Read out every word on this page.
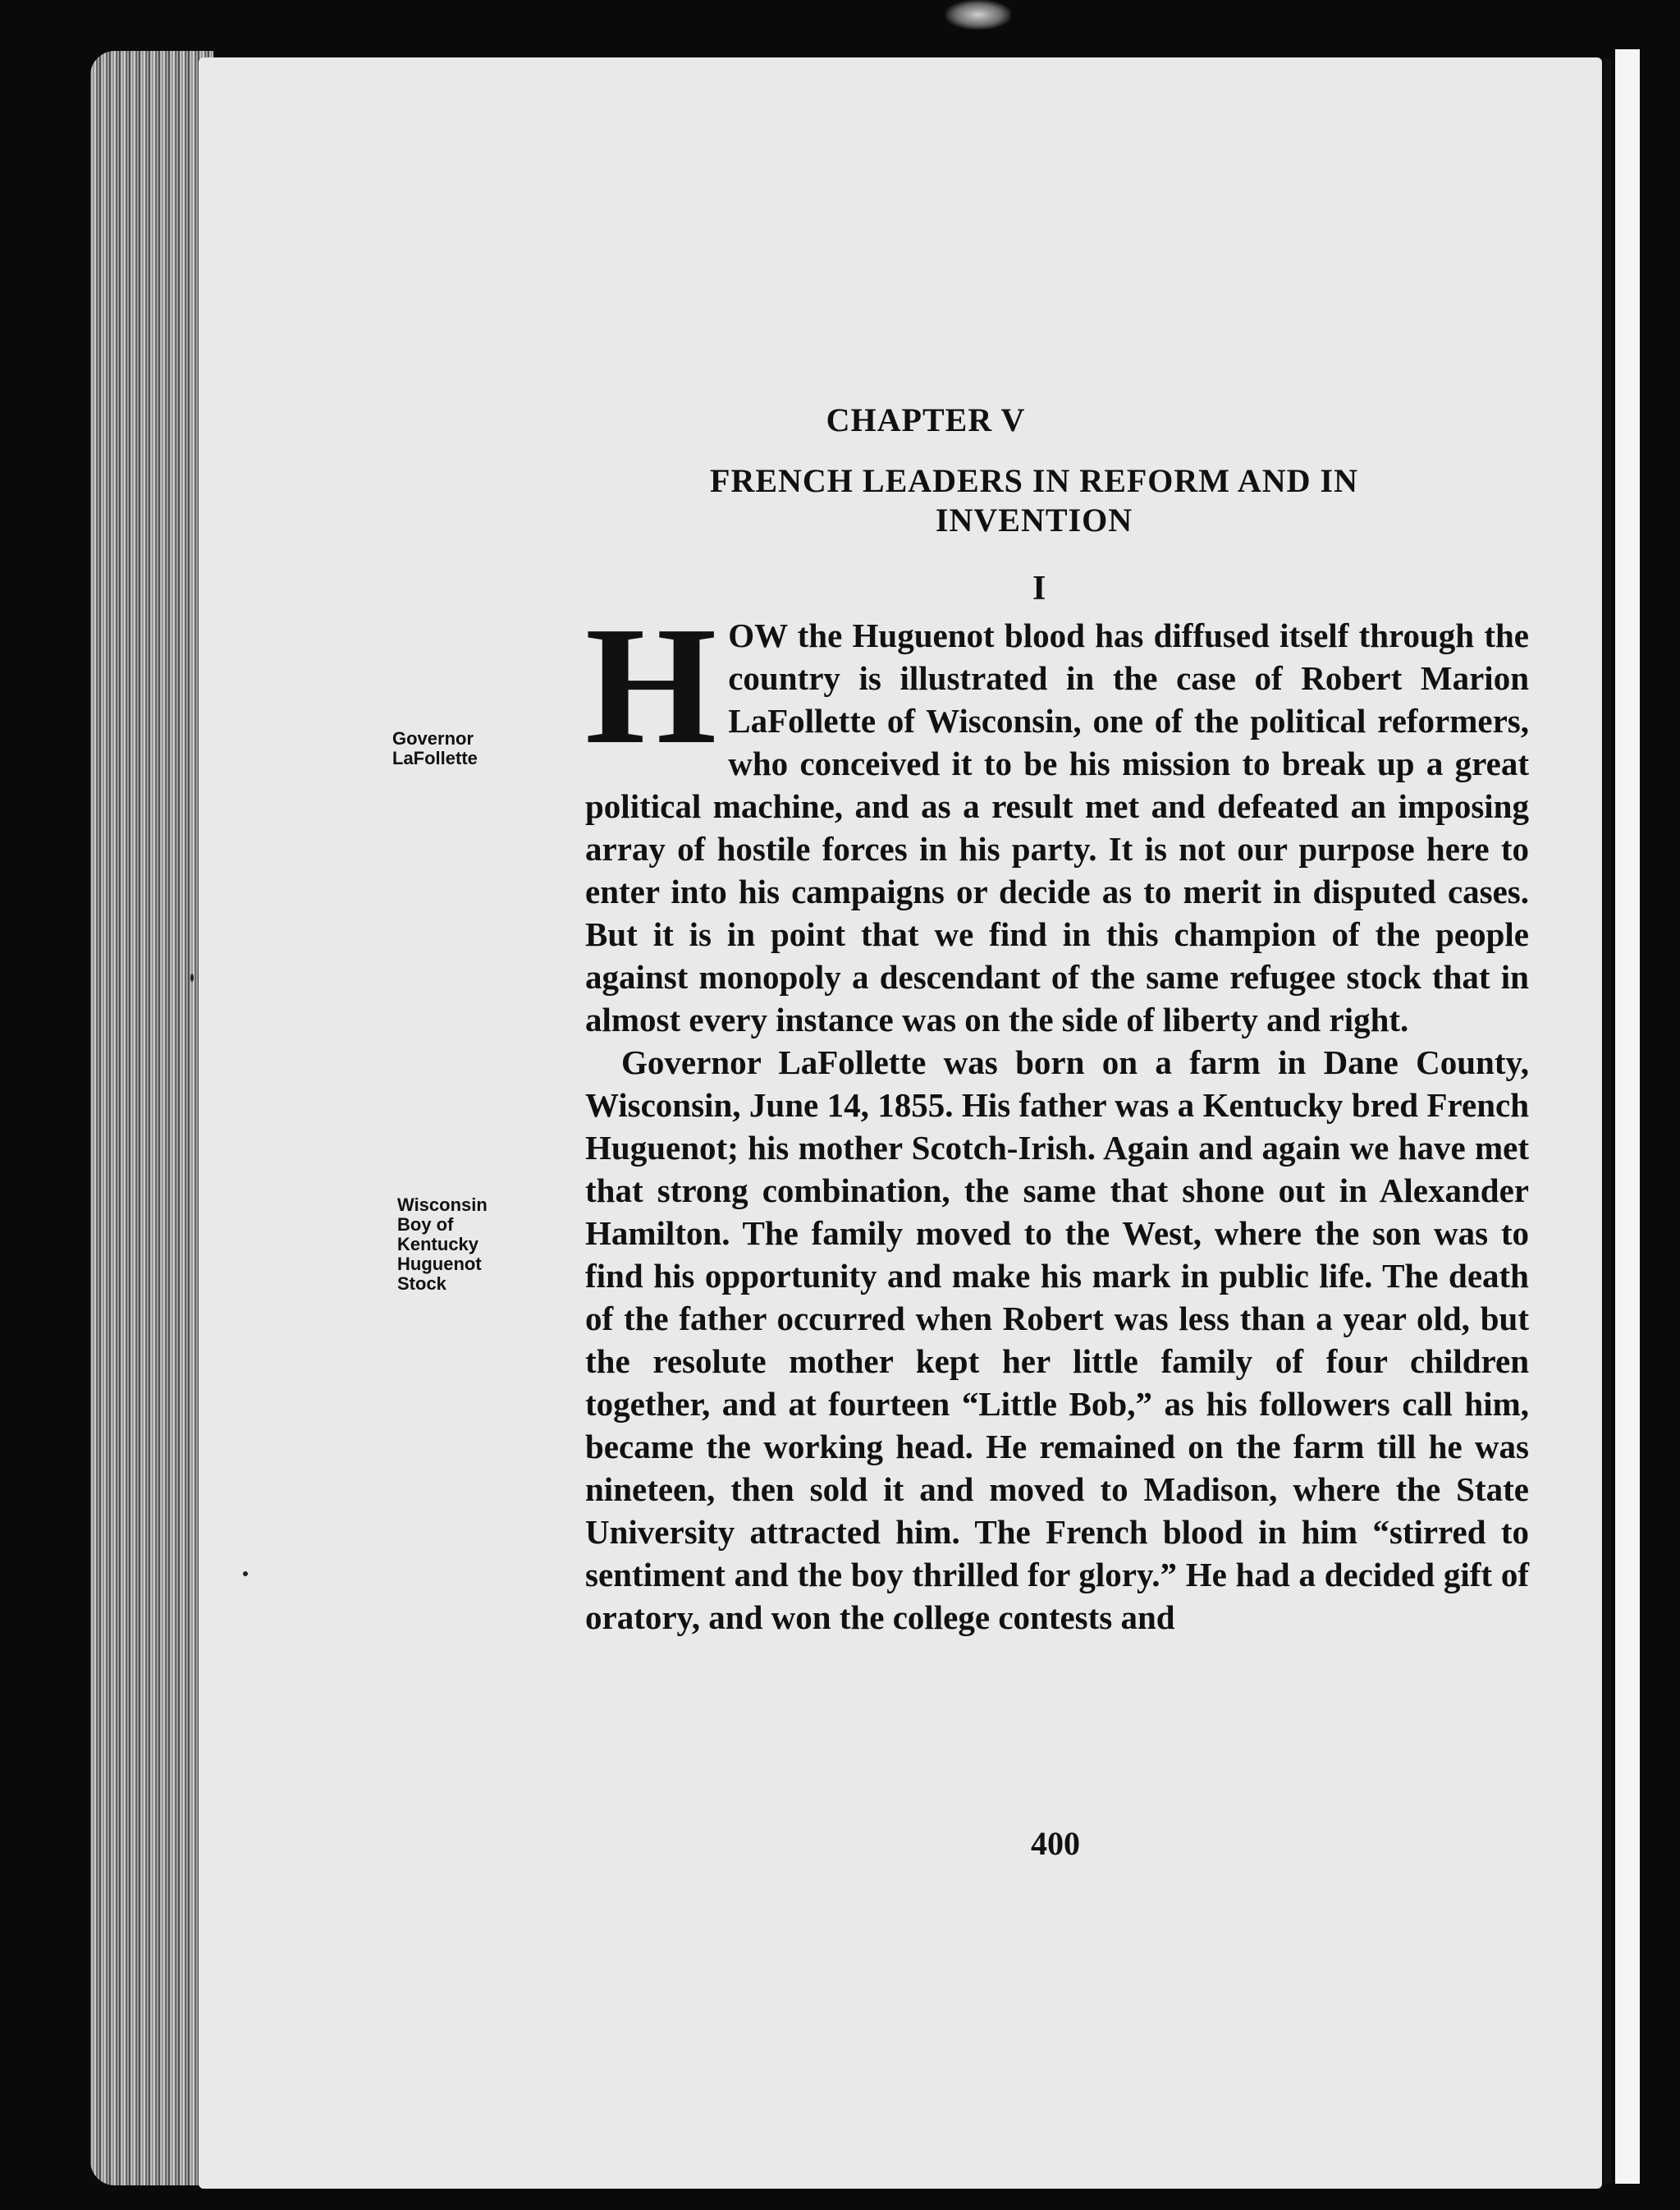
CHAPTER V
FRENCH LEADERS IN REFORM AND IN INVENTION
I
Governor
LaFollette
Wisconsin
Boy of
Kentucky
Huguenot
Stock

HOW the Huguenot blood has diffused itself through the country is illustrated in the case of Robert Marion LaFollette of Wisconsin, one of the political reformers, who conceived it to be his mission to break up a great political machine, and as a result met and defeated an imposing array of hostile forces in his party. It is not our purpose here to enter into his campaigns or decide as to merit in disputed cases. But it is in point that we find in this champion of the people against monopoly a descendant of the same refugee stock that in almost every instance was on the side of liberty and right.

Governor LaFollette was born on a farm in Dane County, Wisconsin, June 14, 1855. His father was a Kentucky bred French Huguenot; his mother Scotch-Irish. Again and again we have met that strong combination, the same that shone out in Alexander Hamilton. The family moved to the West, where the son was to find his opportunity and make his mark in public life. The death of the father occurred when Robert was less than a year old, but the resolute mother kept her little family of four children together, and at fourteen “Little Bob,” as his followers call him, became the working head. He remained on the farm till he was nineteen, then sold it and moved to Madison, where the State University attracted him. The French blood in him “stirred to sentiment and the boy thrilled for glory.” He had a decided gift of oratory, and won the college contests and

400
